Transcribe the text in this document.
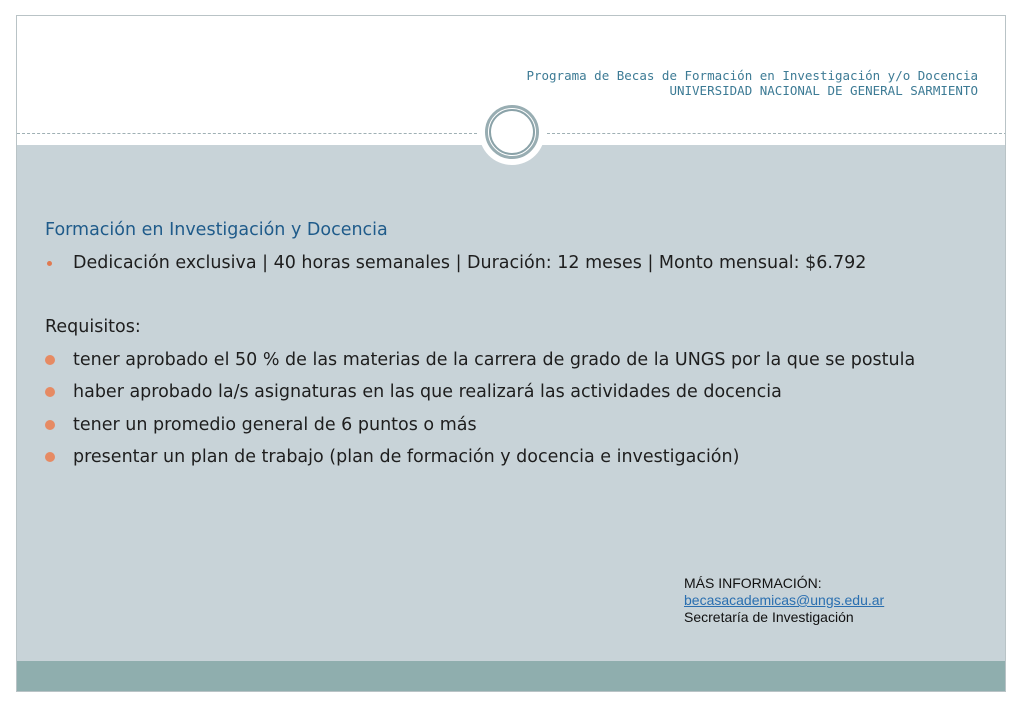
Programa de Becas de Formación en Investigación y/o Docencia
UNIVERSIDAD NACIONAL DE GENERAL SARMIENTO
Formación en Investigación y Docencia
Dedicación exclusiva | 40 horas semanales | Duración: 12 meses | Monto mensual: $6.792
Requisitos:
tener aprobado el 50 % de las materias de la carrera de grado de la UNGS por la que se postula
haber aprobado la/s asignaturas en las que realizará las actividades de docencia
tener un promedio general de 6 puntos o más
presentar un plan de trabajo (plan de formación y docencia e investigación)
MÁS INFORMACIÓN:
becasacademicas@ungs.edu.ar
Secretaría de Investigación
